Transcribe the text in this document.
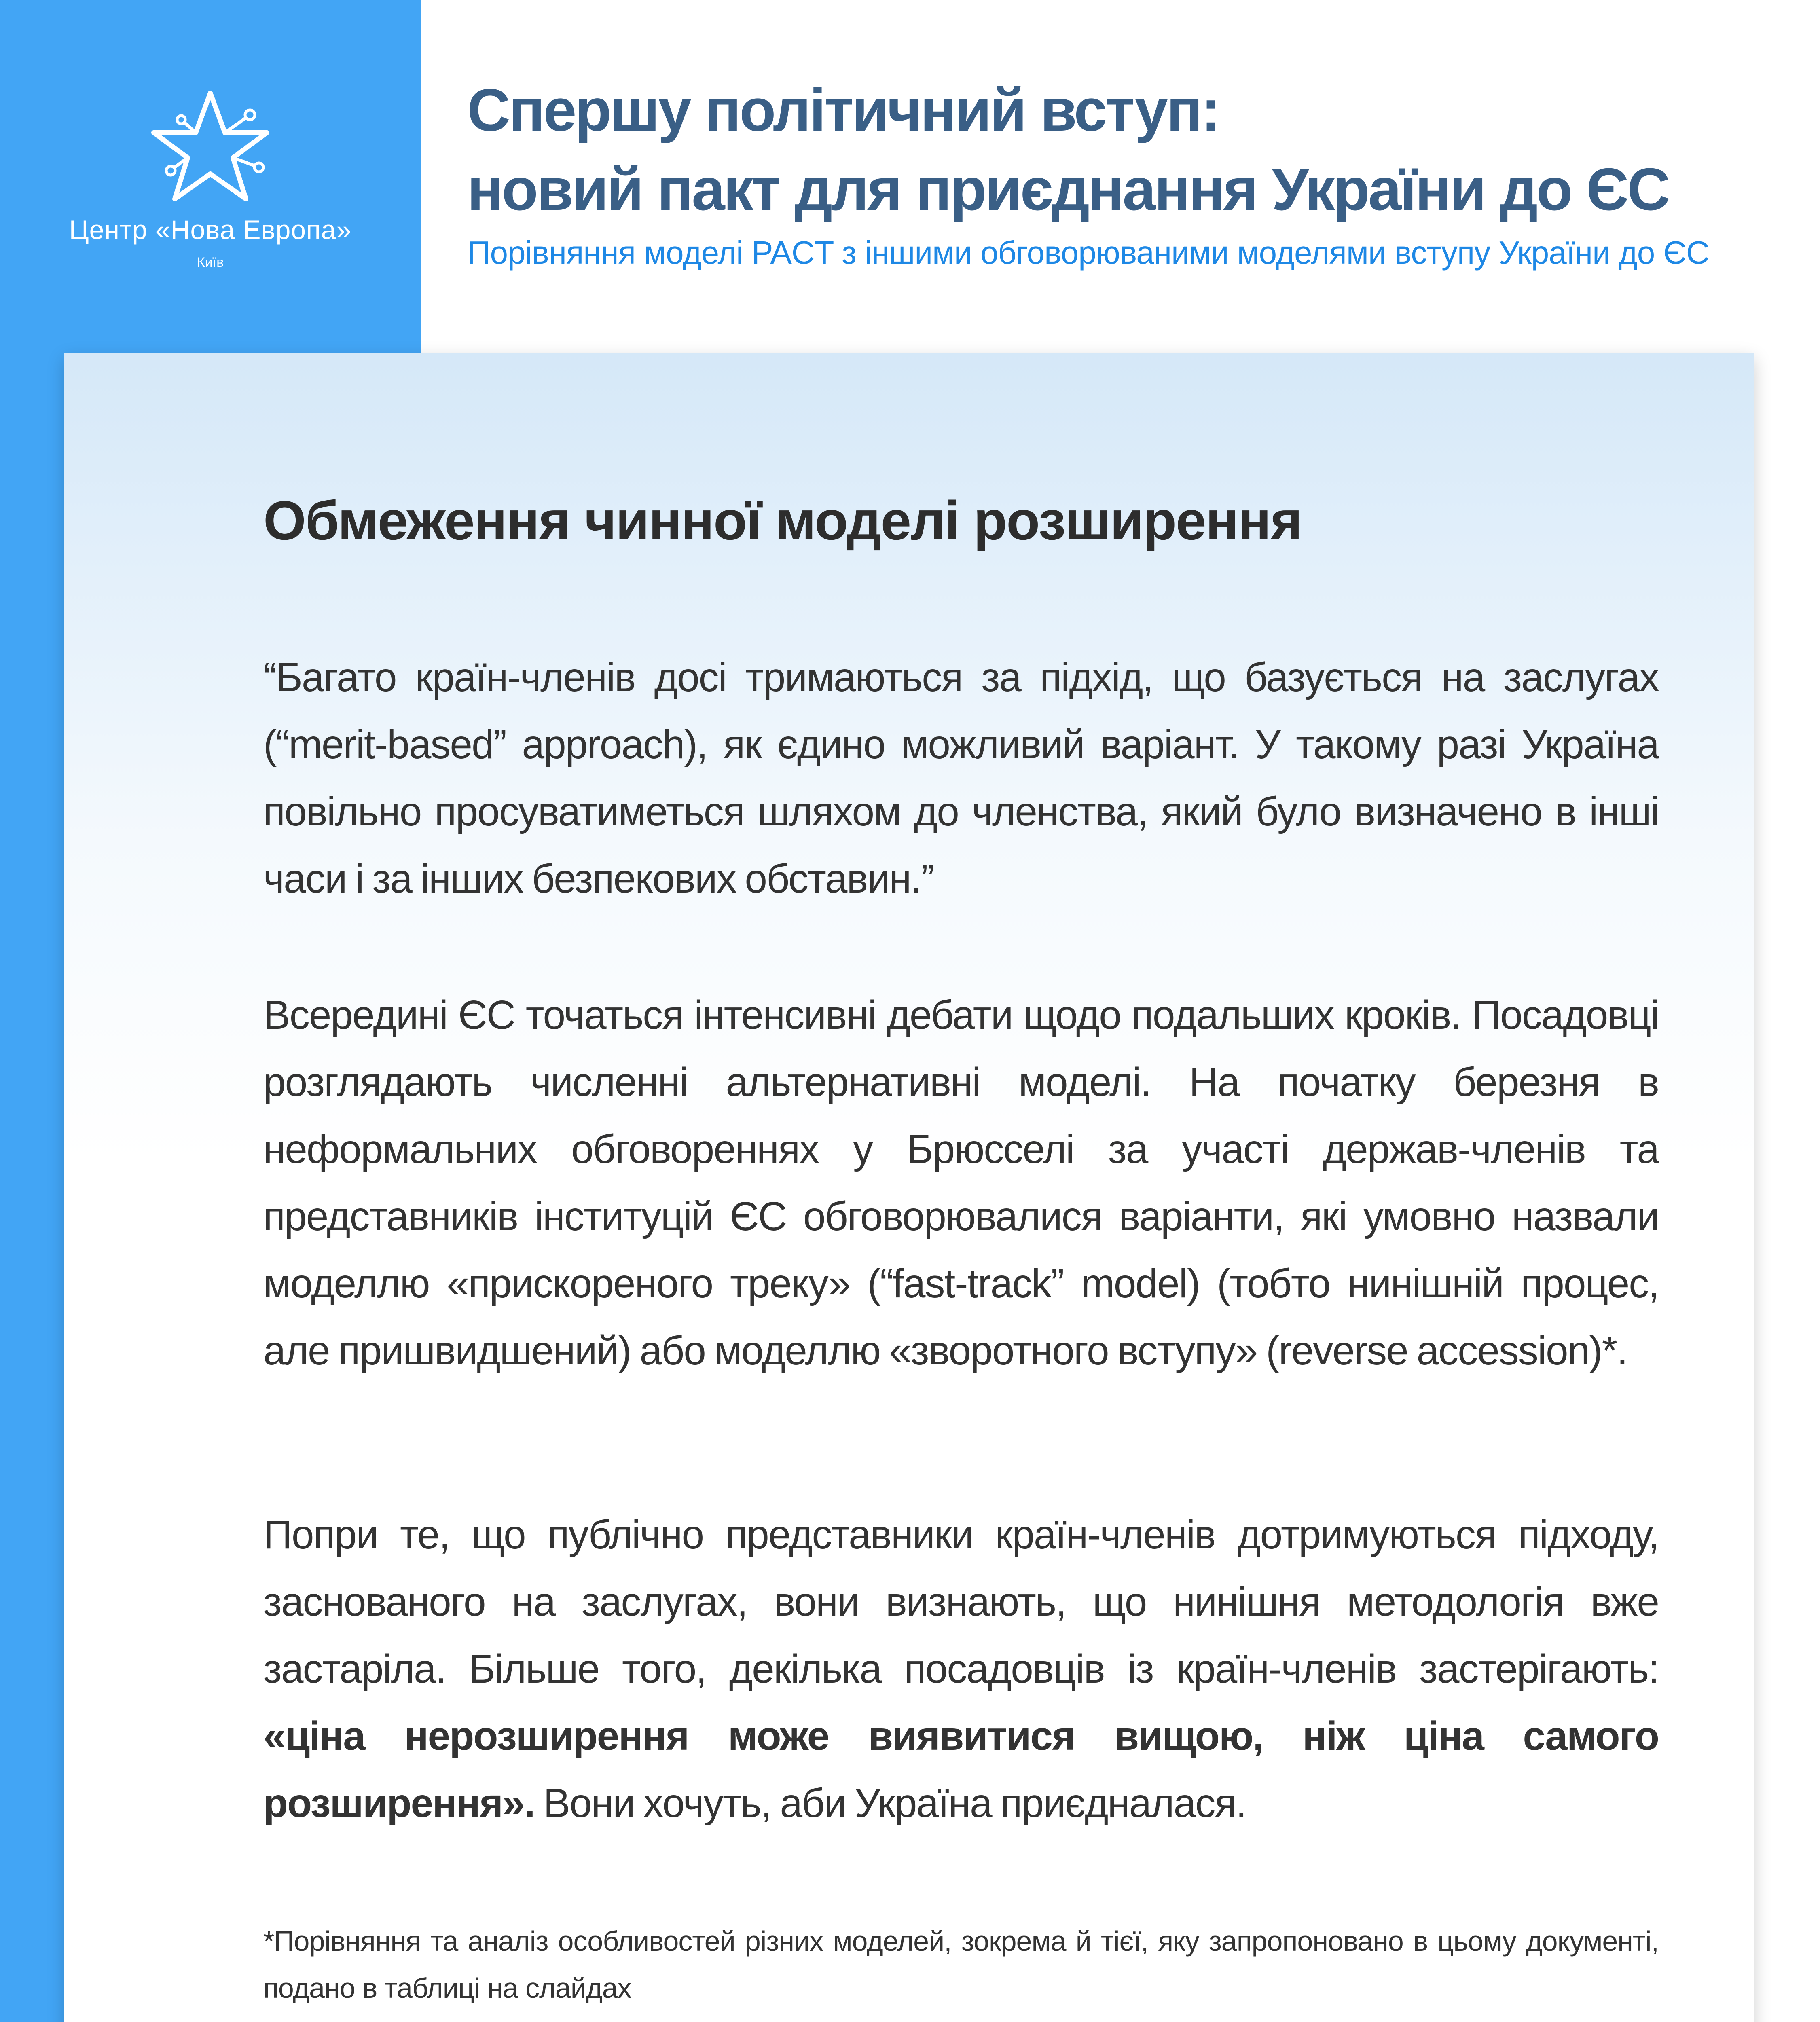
Центр «Нова Европа»
Київ
Спершу політичний вступ:
новий пакт для приєднання України до ЄС
Порівняння моделі PACT з іншими обговорюваними моделями вступу України до ЄС
Обмеження чинної моделі розширення
“Багато країн-членів досі тримаються за підхід, що базується на заслугах (“merit-based” approach), як єдино можливий варіант. У такому разі Україна повільно просуватиметься шляхом до членства, який було визначено в інші часи і за інших безпекових обставин.”
Всередині ЄС точаться інтенсивні дебати щодо подальших кроків. Посадовці розглядають численні альтернативні моделі. На початку березня в неформальних обговореннях у Брюсселі за участі держав-членів та представників інституцій ЄС обговорювалися варіанти, які умовно назвали моделлю «прискореного треку» (“fast-track” model) (тобто нинішній процес, але пришвидшений) або моделлю «зворотного вступу» (reverse accession)*.
Попри те, що публічно представники країн-членів дотримуються підходу, заснованого на заслугах, вони визнають, що нинішня методологія вже застаріла. Більше того, декілька посадовців із країн-членів застерігають: «ціна нерозширення може виявитися вищою, ніж ціна самого розширення». Вони хочуть, аби Україна приєдналася.
*Порівняння та аналіз особливостей різних моделей, зокрема й тієї, яку запропоновано в цьому документі, подано в таблиці на слайдах
